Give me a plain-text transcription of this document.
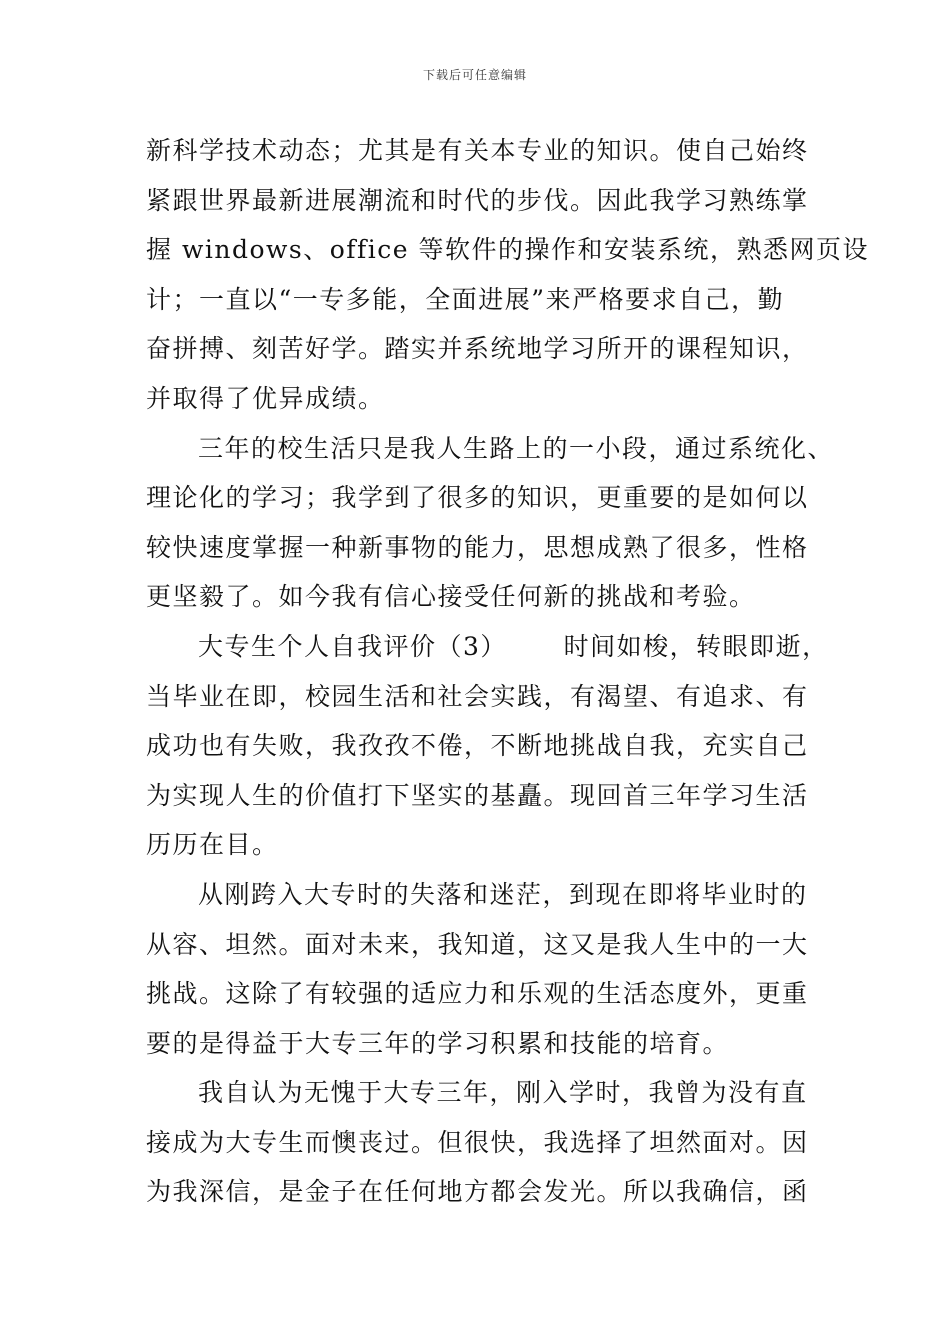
下载后可任意编辑
新科学技术动态；尤其是有关本专业的知识。使自己始终
紧跟世界最新进展潮流和时代的步伐。因此我学习熟练掌
握 windows、office 等软件的操作和安装系统，熟悉网页设
计；一直以“一专多能，全面进展”来严格要求自己，勤
奋拼搏、刻苦好学。踏实并系统地学习所开的课程知识，
并取得了优异成绩。
三年的校生活只是我人生路上的一小段，通过系统化、
理论化的学习；我学到了很多的知识，更重要的是如何以
较快速度掌握一种新事物的能力，思想成熟了很多，性格
更坚毅了。如今我有信心接受任何新的挑战和考验。
大专生个人自我评价（3）      时间如梭，转眼即逝，
当毕业在即，校园生活和社会实践，有渴望、有追求、有
成功也有失败，我孜孜不倦，不断地挑战自我，充实自己
为实现人生的价值打下坚实的基矗。现回首三年学习生活
历历在目。
从刚跨入大专时的失落和迷茫，到现在即将毕业时的
从容、坦然。面对未来，我知道，这又是我人生中的一大
挑战。这除了有较强的适应力和乐观的生活态度外，更重
要的是得益于大专三年的学习积累和技能的培育。
我自认为无愧于大专三年，刚入学时，我曾为没有直
接成为大专生而懊丧过。但很快，我选择了坦然面对。因
为我深信，是金子在任何地方都会发光。所以我确信，函
